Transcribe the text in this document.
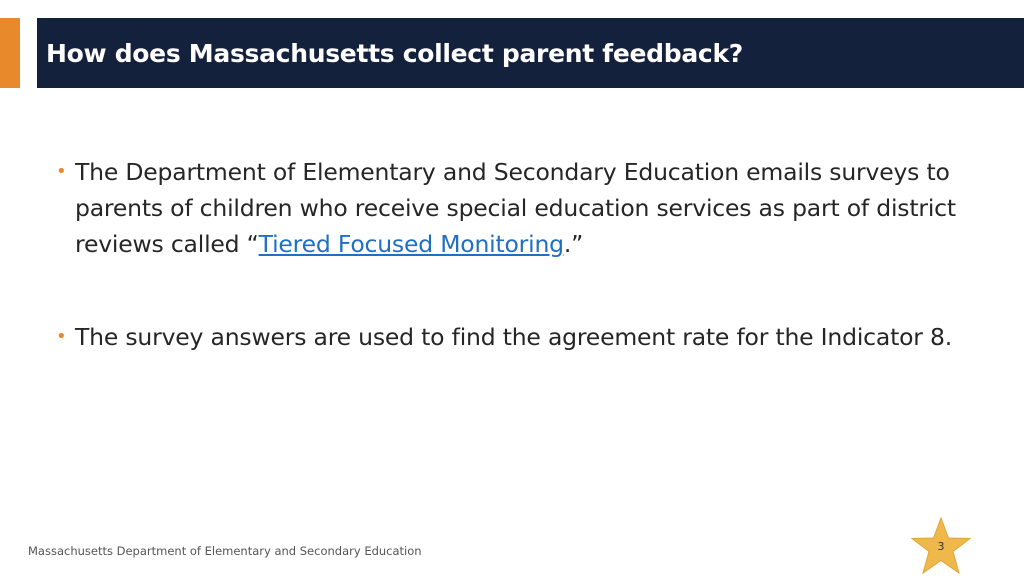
How does Massachusetts collect parent feedback?
• The Department of Elementary and Secondary Education emails surveys to parents of children who receive special education services as part of district reviews called “Tiered Focused Monitoring.”
• The survey answers are used to find the agreement rate for the Indicator 8.
Massachusetts Department of Elementary and Secondary Education	3
